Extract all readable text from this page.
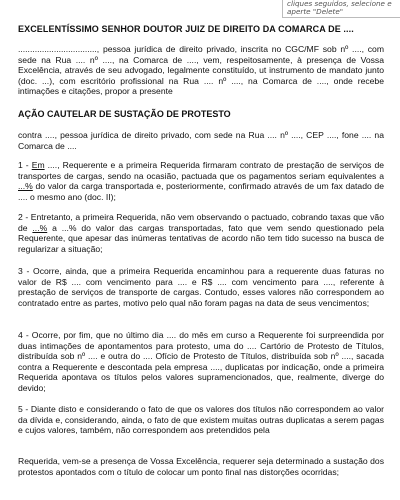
cliques seguidos, selecione e
aperte "Delete"
EXCELENTÍSSIMO SENHOR DOUTOR JUIZ DE DIREITO DA COMARCA DE ....
................................., pessoa jurídica de direito privado, inscrita no CGC/MF sob nº ...., com sede na Rua .... nº ...., na Comarca de ...., vem, respeitosamente, à presença de Vossa Excelência, através de seu advogado, legalmente constituído, ut instrumento de mandato junto (doc. ...), com escritório profissional na Rua .... nº ...., na Comarca de ...., onde recebe intimações e citações, propor a presente
AÇÃO CAUTELAR DE SUSTAÇÃO DE PROTESTO
contra ...., pessoa jurídica de direito privado, com sede na Rua .... nº ...., CEP ...., fone .... na Comarca de ....
1 - Em ...., Requerente e a primeira Requerida firmaram contrato de prestação de serviços de transportes de cargas, sendo na ocasião, pactuada que os pagamentos seriam equivalentes a ...% do valor da carga transportada e, posteriormente, confirmado através de um fax datado de .... o mesmo ano (doc. II);
2 - Entretanto, a primeira Requerida, não vem observando o pactuado, cobrando taxas que vão de ...% a ...% do valor das cargas transportadas, fato que vem sendo questionado pela Requerente, que apesar das inúmeras tentativas de acordo não tem tido sucesso na busca de regularizar a situação;
3 - Ocorre, ainda, que a primeira Requerida encaminhou para a requerente duas faturas no valor de R$ .... com vencimento para .... e R$ .... com vencimento para ...., referente à prestação de serviços de transporte de cargas. Contudo, esses valores não correspondem ao contratado entre as partes, motivo pelo qual não foram pagas na data de seus vencimentos;
4 - Ocorre, por fim, que no último dia .... do mês em curso a Requerente foi surpreendida por duas intimações de apontamentos para protesto, uma do .... Cartório de Protesto de Títulos, distribuída sob nº .... e outra do .... Ofício de Protesto de Títulos, distribuída sob nº ...., sacada contra a Requerente e descontada pela empresa ...., duplicatas por indicação, onde a primeira Requerida apontava os títulos pelos valores supramencionados, que, realmente, diverge do devido;
5 - Diante disto e considerando o fato de que os valores dos títulos não correspondem ao valor da dívida e, considerando, ainda, o fato de que existem muitas outras duplicatas a serem pagas e cujos valores, também, não correspondem aos pretendidos pela
Requerida, vem-se a presença de Vossa Excelência, requerer seja determinado a sustação dos protestos apontados com o título de colocar um ponto final nas distorções ocorridas;
